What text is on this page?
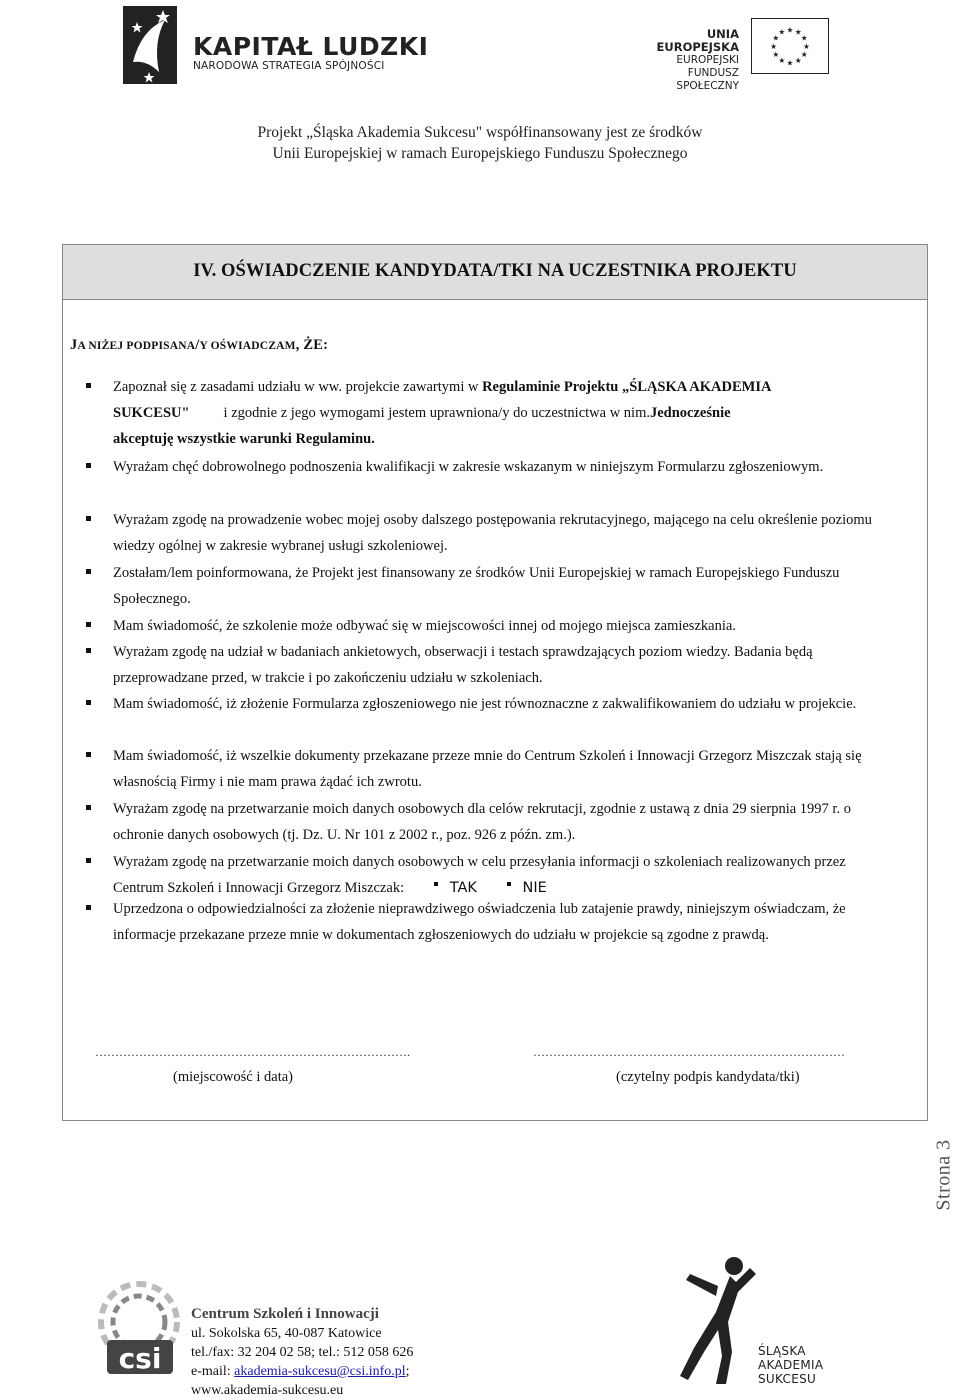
KAPITAŁ LUDZKI
NARODOWA STRATEGIA SPÓJNOŚCI
UNIA EUROPEJSKA
EUROPEJSKI
FUNDUSZ SPOŁECZNY
★
★
★
★
★
★
★
★
★ ★ ★
★
Projekt „Śląska Akademia Sukcesu" współfinansowany jest ze środków
Unii Europejskiej w ramach Europejskiego Funduszu Społecznego
IV. OŚWIADCZENIE KANDYDATA/TKI NA UCZESTNIKA PROJEKTU
JA NIŻEJ PODPISANA/Y OŚWIADCZAM, ŻE:
Zapoznał się z zasadami udziału w ww. projekcie zawartymi w Regulaminie Projektu „ŚLĄSKA AKADEMIA
SUKCESU" i zgodnie z jego wymogami jestem uprawniona/y do uczestnictwa w nim.Jednocześnie
akceptuję wszystkie warunki Regulaminu.
Wyrażam chęć dobrowolnego podnoszenia kwalifikacji w zakresie wskazanym w niniejszym Formularzu zgłoszeniowym.
Wyrażam zgodę na prowadzenie wobec mojej osoby dalszego postępowania rekrutacyjnego, mającego na celu określenie poziomu wiedzy ogólnej w zakresie wybranej usługi szkoleniowej.
Zostałam/lem poinformowana, że Projekt jest finansowany ze środków Unii Europejskiej w ramach Europejskiego Funduszu Społecznego.
Mam świadomość, że szkolenie może odbywać się w miejscowości innej od mojego miejsca zamieszkania.
Wyrażam zgodę na udział w badaniach ankietowych, obserwacji i testach sprawdzających poziom wiedzy. Badania będą przeprowadzane przed, w trakcie i po zakończeniu udziału w szkoleniach.
Mam świadomość, iż złożenie Formularza zgłoszeniowego nie jest równoznaczne z zakwalifikowaniem do udziału w projekcie.
Mam świadomość, iż wszelkie dokumenty przekazane przeze mnie do Centrum Szkoleń i Innowacji Grzegorz Miszczak stają się własnością Firmy i nie mam prawa żądać ich zwrotu.
Wyrażam zgodę na przetwarzanie moich danych osobowych dla celów rekrutacji, zgodnie z ustawą z dnia 29 sierpnia 1997 r. o ochronie danych osobowych (tj. Dz. U. Nr 101 z 2002 r., poz. 926 z późn. zm.).
Wyrażam zgodę na przetwarzanie moich danych osobowych w celu przesyłania informacji o szkoleniach realizowanych przez Centrum Szkoleń i Innowacji Grzegorz Miszczak:	TAK	NIE
Uprzedzona o odpowiedzialności za złożenie nieprawdziwego oświadczenia lub zatajenie prawdy, niniejszym oświadczam, że informacje przekazane przeze mnie w dokumentach zgłoszeniowych do udziału w projekcie są zgodne z prawdą.
…………………………………………………………………….	……………………………………………………………………
(miejscowość i data)	(czytelny podpis kandydata/tki)
Strona 3
csi
Centrum Szkoleń i Innowacji
ul. Sokolska 65, 40-087 Katowice
tel./fax: 32 204 02 58; tel.: 512 058 626
e-mail: akademia-sukcesu@csi.info.pl;
www.akademia-sukcesu.eu
ŚLĄSKA
AKADEMIA
SUKCESU
